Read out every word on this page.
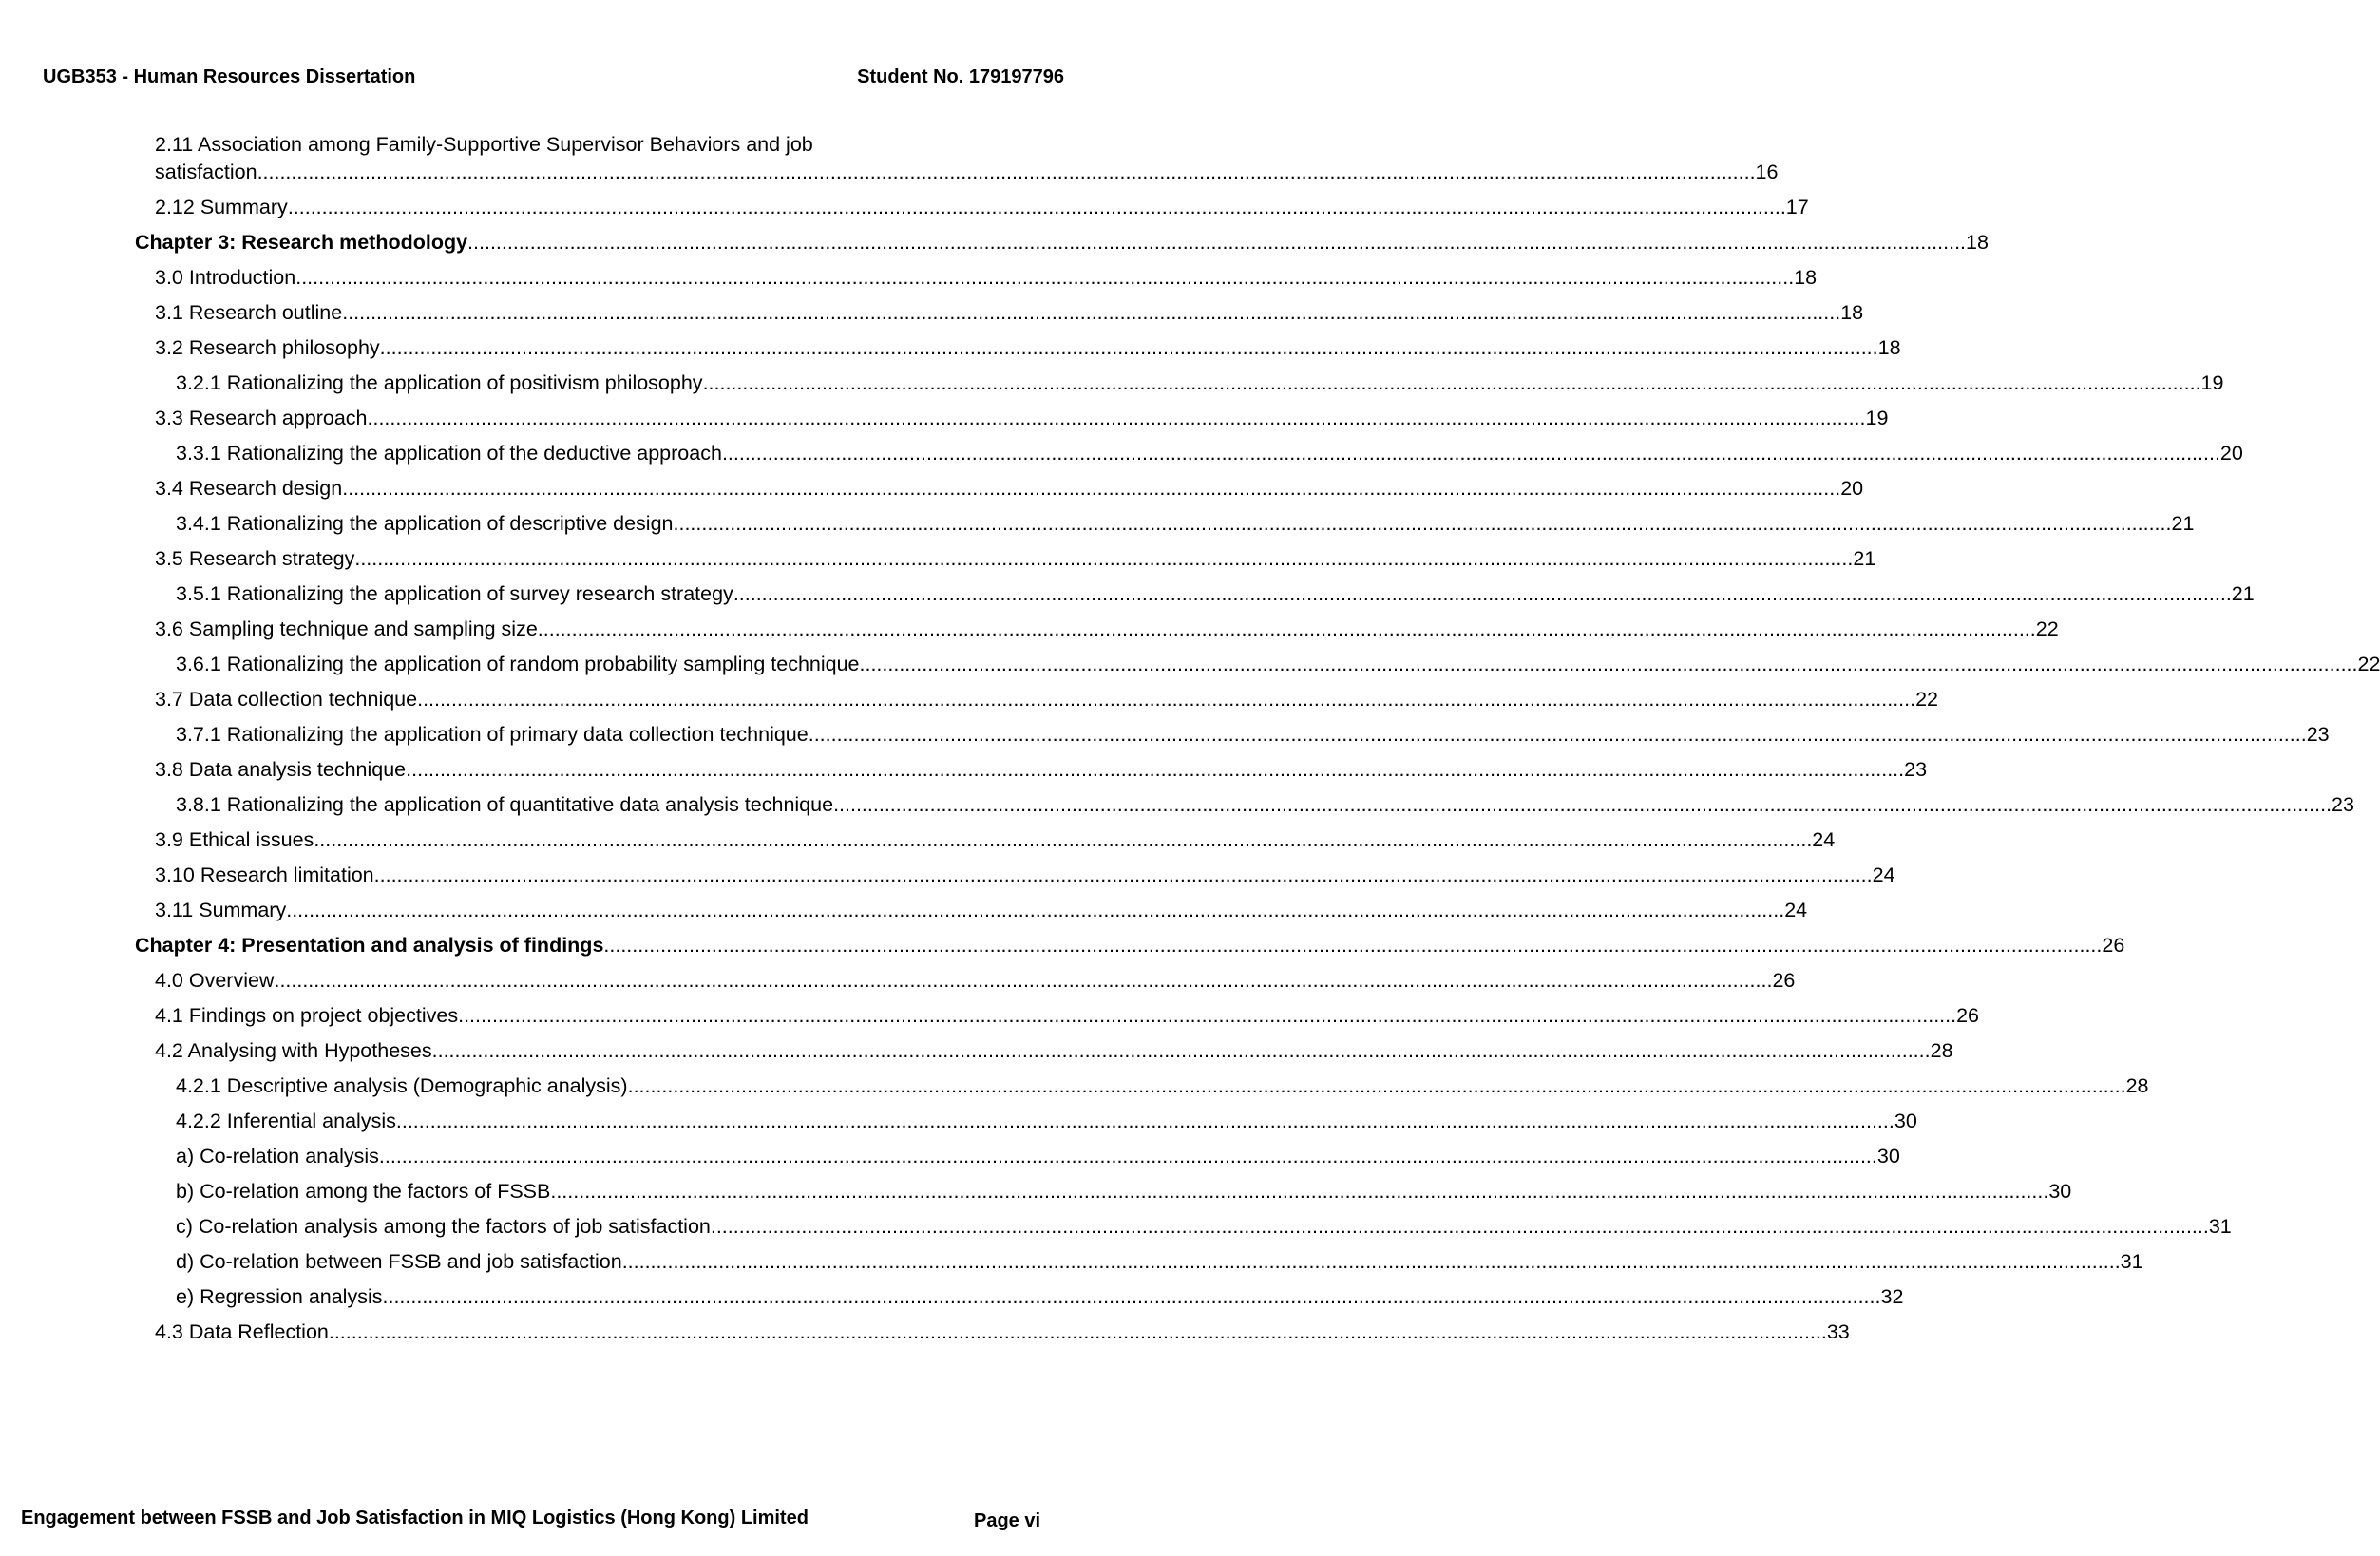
UGB353 - Human Resources Dissertation	Student No. 179197796
2.11 Association among Family-Supportive Supervisor Behaviors and job
satisfaction .....	16
2.12 Summary .....	17
Chapter 3: Research methodology .....	18
3.0 Introduction .....	18
3.1 Research outline .....	18
3.2 Research philosophy .....	18
3.2.1 Rationalizing the application of positivism philosophy .....	19
3.3 Research approach .....	19
3.3.1 Rationalizing the application of the deductive approach .....	20
3.4 Research design .....	20
3.4.1 Rationalizing the application of descriptive design .....	21
3.5 Research strategy .....	21
3.5.1 Rationalizing the application of survey research strategy .....	21
3.6 Sampling technique and sampling size .....	22
3.6.1 Rationalizing the application of random probability sampling technique .....	22
3.7 Data collection technique .....	22
3.7.1 Rationalizing the application of primary data collection technique .....	23
3.8 Data analysis technique .....	23
3.8.1 Rationalizing the application of quantitative data analysis technique .....	23
3.9 Ethical issues .....	24
3.10 Research limitation .....	24
3.11 Summary .....	24
Chapter 4: Presentation and analysis of findings .....	26
4.0 Overview .....	26
4.1 Findings on project objectives .....	26
4.2 Analysing with Hypotheses .....	28
4.2.1 Descriptive analysis (Demographic analysis) .....	28
4.2.2 Inferential analysis .....	30
a) Co-relation analysis .....	30
b) Co-relation among the factors of FSSB .....	30
c) Co-relation analysis among the factors of job satisfaction .....	31
d) Co-relation between FSSB and job satisfaction .....	31
e) Regression analysis .....	32
4.3 Data Reflection .....	33
Engagement between FSSB and Job Satisfaction in MIQ Logistics (Hong Kong) Limited	Page vi
